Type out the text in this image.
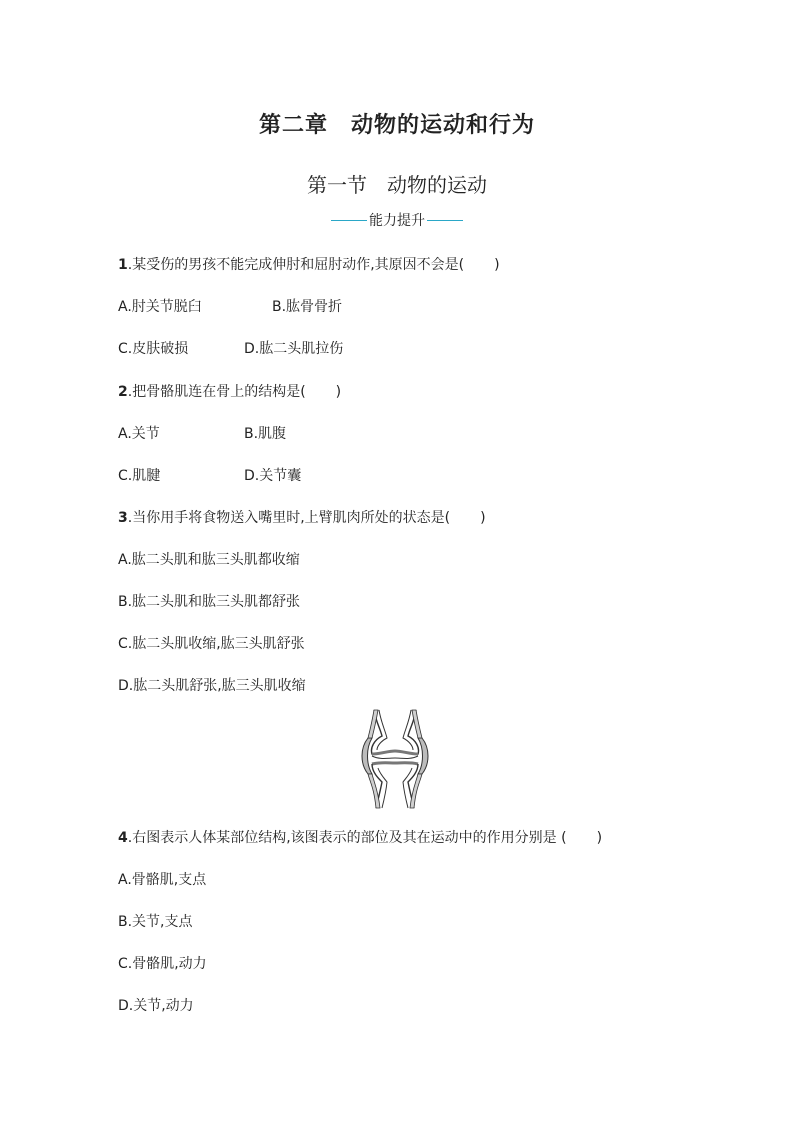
第二章　动物的运动和行为
第一节　动物的运动
能力提升
1.某受伤的男孩不能完成伸肘和屈肘动作,其原因不会是( )
A.肘关节脱臼	B.肱骨骨折
C.皮肤破损	D.肱二头肌拉伤
2.把骨骼肌连在骨上的结构是( )
A.关节	B.肌腹
C.肌腱	D.关节囊
3.当你用手将食物送入嘴里时,上臂肌肉所处的状态是( )
A.肱二头肌和肱三头肌都收缩
B.肱二头肌和肱三头肌都舒张
C.肱二头肌收缩,肱三头肌舒张
D.肱二头肌舒张,肱三头肌收缩
4.右图表示人体某部位结构,该图表示的部位及其在运动中的作用分别是 ( )
A.骨骼肌,支点
B.关节,支点
C.骨骼肌,动力
D.关节,动力
